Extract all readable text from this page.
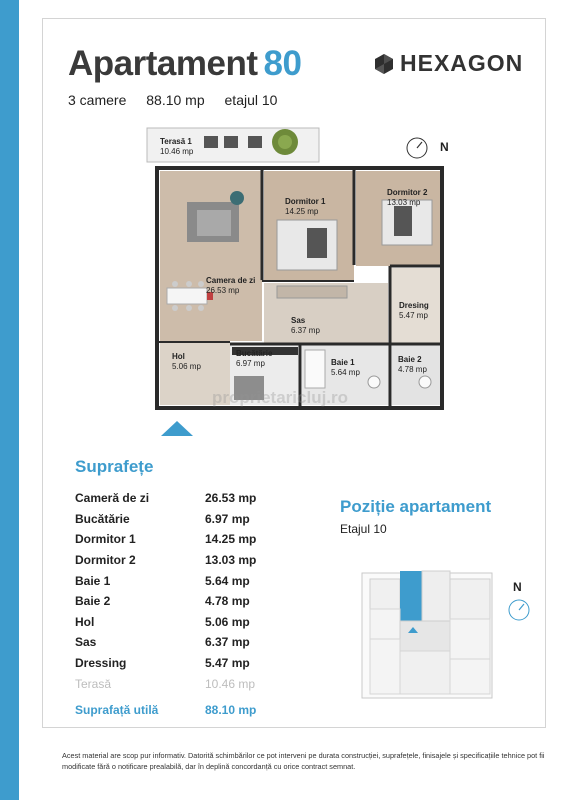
Apartament 80
3 camere 88.10 mp etajul 10
HEXAGON
Terasă 1
10.46 mp
Dormitor 1
14.25 mp
Dormitor 2
13.03 mp
Camera de zi
26.53 mp
Dresing
5.47 mp
Sas
6.37 mp
Hol
5.06 mp
Bucătărie
6.97 mp	Baie 1
5.64 mp
Baie 2
4.78 mp
proprietaricluj.ro
N
Suprafețe
Cameră de zi	26.53 mp
Bucătărie	6.97 mp
Dormitor 1	14.25 mp
Dormitor 2	13.03 mp
Baie 1	5.64 mp
Baie 2	4.78 mp
Hol	5.06 mp
Sas	6.37 mp
Dressing	5.47 mp
Terasă	10.46 mp
Suprafață utilă	88.10 mp
Poziție apartament
Etajul 10
N
Acest material are scop pur informativ. Datorită schimbărilor ce pot interveni pe durata construcției, suprafețele, finisajele și specificațiile tehnice pot fii modificate fără o notificare prealabilă, dar în deplină concordanță cu orice contract semnat.
